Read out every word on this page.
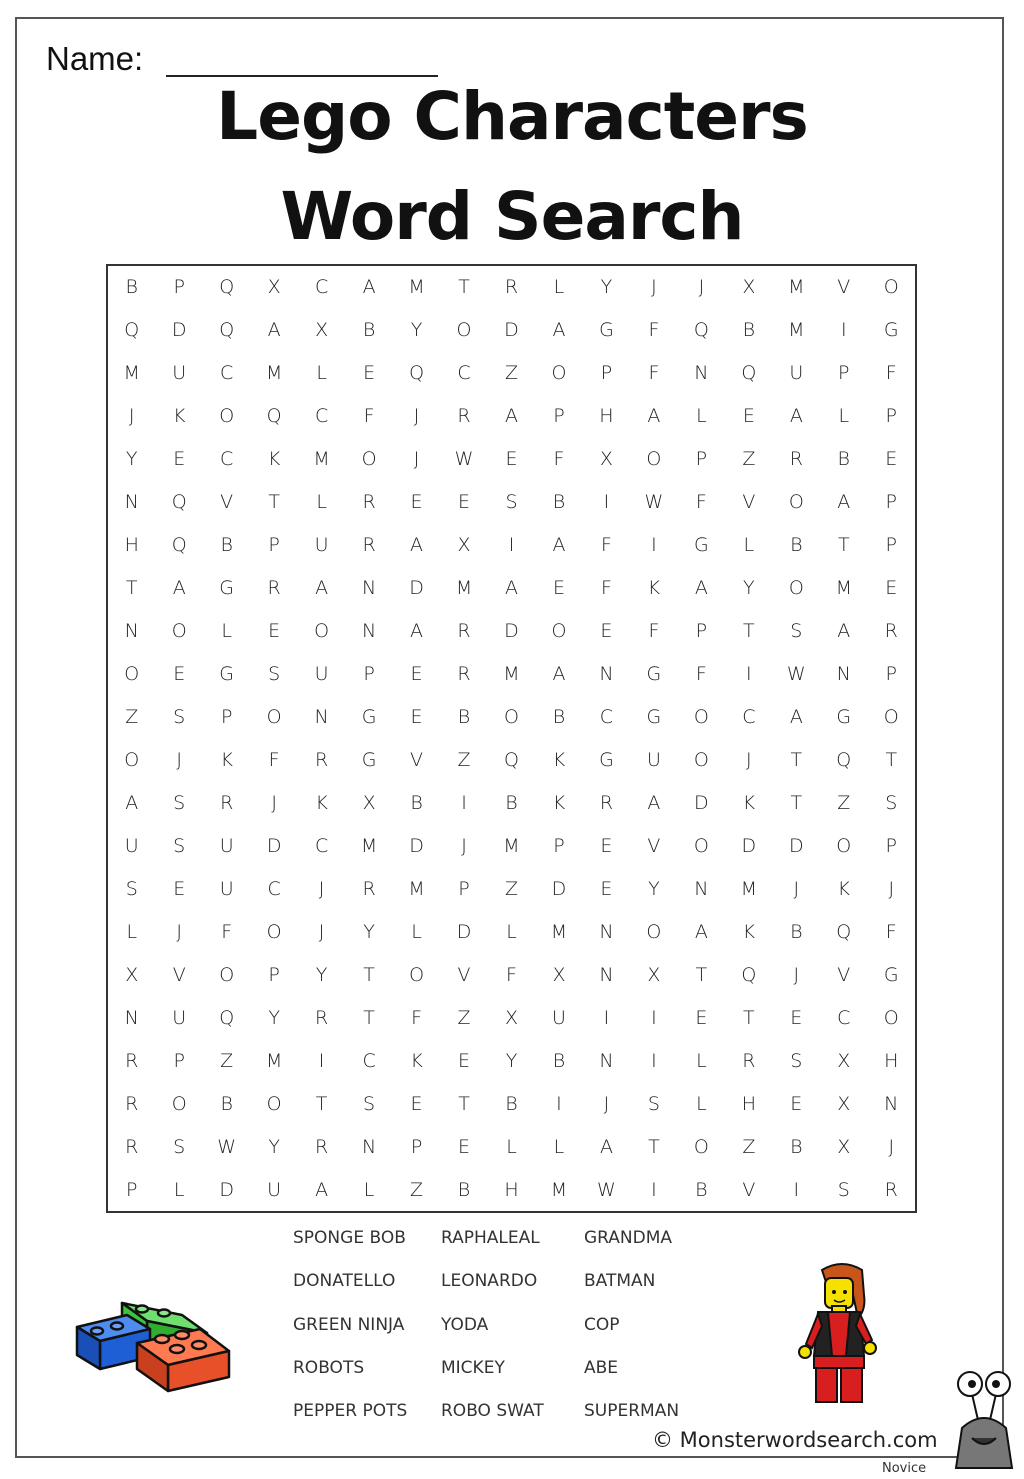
Name:
Lego Characters
Word Search
B	P	Q	X	C	A	M	T	R	L	Y	J	J	X	M	V	O
Q	D	Q	A	X	B	Y	O	D	A	G	F	Q	B	M	I	G
M	U	C	M	L	E	Q	C	Z	O	P	F	N	Q	U	P	F
J	K	O	Q	C	F	J	R	A	P	H	A	L	E	A	L	P
Y	E	C	K	M	O	J	W	E	F	X	O	P	Z	R	B	E
N	Q	V	T	L	R	E	E	S	B	I	W	F	V	O	A	P
H	Q	B	P	U	R	A	X	I	A	F	I	G	L	B	T	P
T	A	G	R	A	N	D	M	A	E	F	K	A	Y	O	M	E
N	O	L	E	O	N	A	R	D	O	E	F	P	T	S	A	R
O	E	G	S	U	P	E	R	M	A	N	G	F	I	W	N	P
Z	S	P	O	N	G	E	B	O	B	C	G	O	C	A	G	O
O	J	K	F	R	G	V	Z	Q	K	G	U	O	J	T	Q	T
A	S	R	J	K	X	B	I	B	K	R	A	D	K	T	Z	S
U	S	U	D	C	M	D	J	M	P	E	V	O	D	D	O	P
S	E	U	C	J	R	M	P	Z	D	E	Y	N	M	J	K	J
L	J	F	O	J	Y	L	D	L	M	N	O	A	K	B	Q	F
X	V	O	P	Y	T	O	V	F	X	N	X	T	Q	J	V	G
N	U	Q	Y	R	T	F	Z	X	U	I	I	E	T	E	C	O
R	P	Z	M	I	C	K	E	Y	B	N	I	L	R	S	X	H
R	O	B	O	T	S	E	T	B	I	J	S	L	H	E	X	N
R	S	W	Y	R	N	P	E	L	L	A	T	O	Z	B	X	J
P	L	D	U	A	L	Z	B	H	M	W	I	B	V	I	S	R
SPONGE BOB	RAPHALEAL	GRANDMA
DONATELLO	LEONARDO	BATMAN
GREEN NINJA	YODA	COP
ROBOTS	MICKEY	ABE
PEPPER POTS	ROBO SWAT	SUPERMAN
© Monsterwordsearch.com
Novice
